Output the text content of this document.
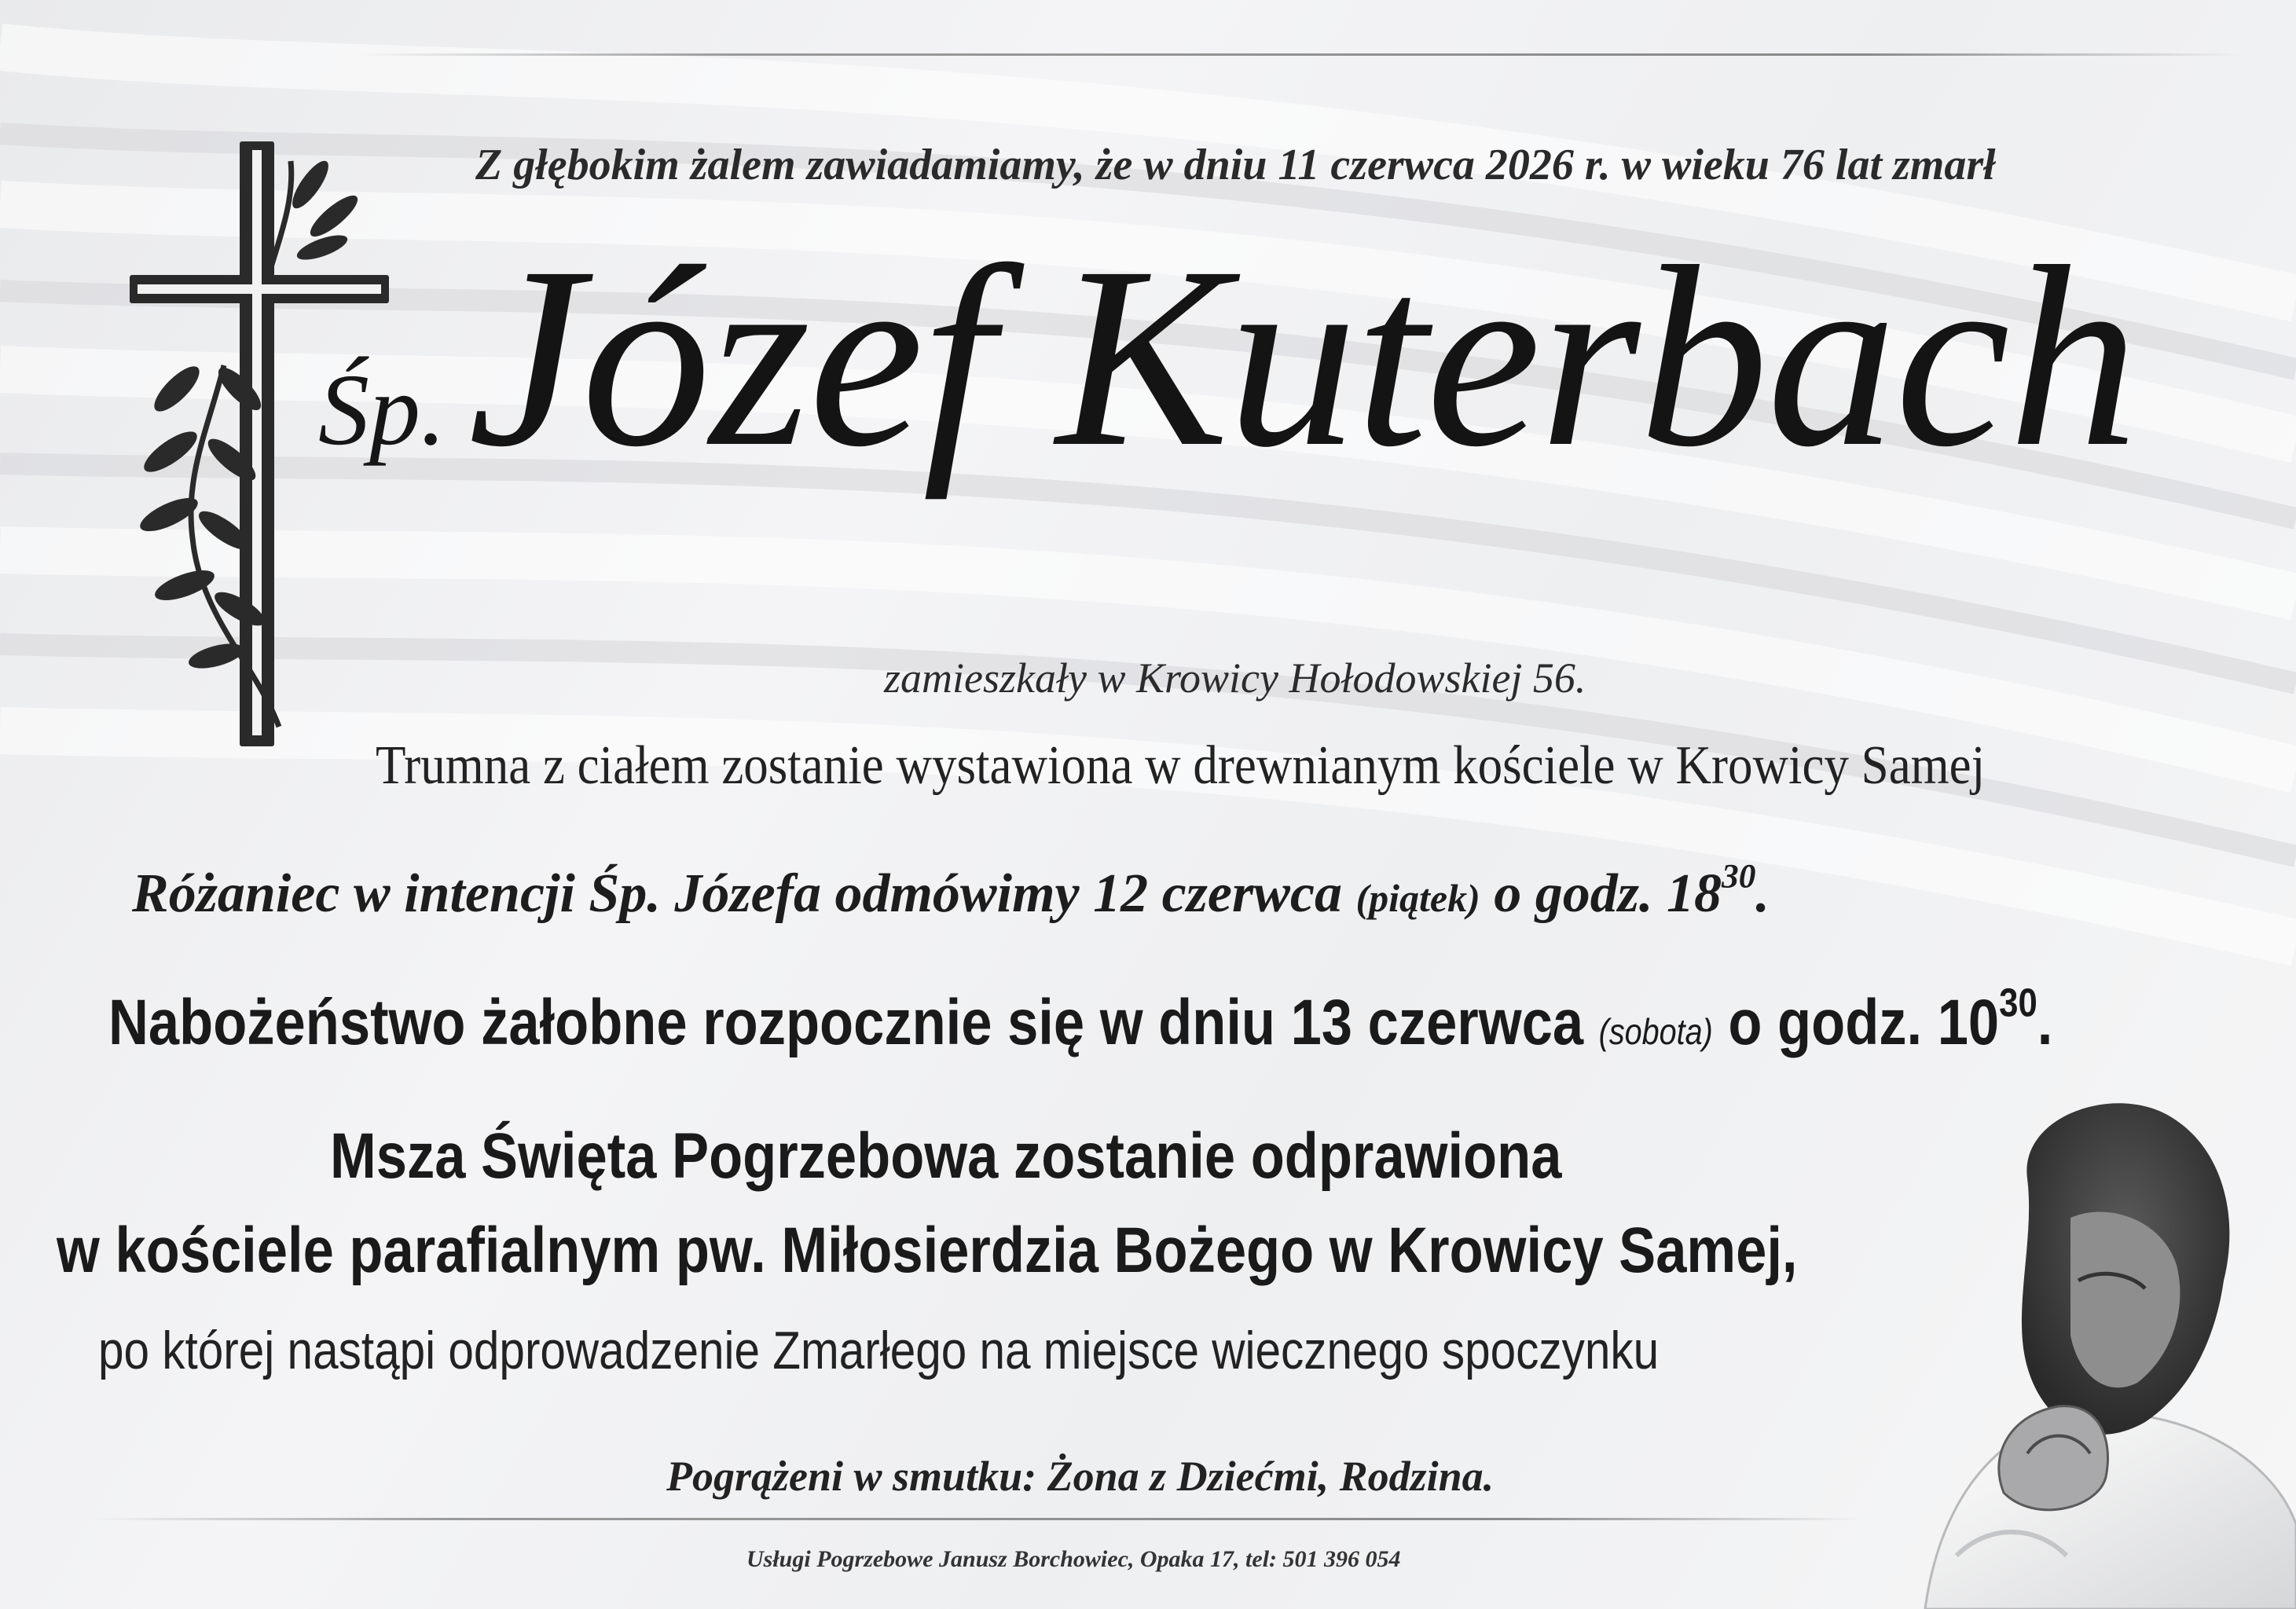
Z głębokim żalem zawiadamiamy, że w dniu 11 czerwca 2026 r. w wieku 76 lat zmarł
Śp.Józef Kuterbach
zamieszkały w Krowicy Hołodowskiej 56.
Trumna z ciałem zostanie wystawiona w drewnianym kościele w Krowicy Samej
Różaniec w intencji Śp. Józefa odmówimy 12 czerwca (piątek) o godz. $18^{30}$.
Nabożeństwo żałobne rozpocznie się w dniu 13 czerwca (sobota) o godz. $10^{30}$.
Msza Święta Pogrzebowa zostanie odprawiona
w kościele parafialnym pw. Miłosierdzia Bożego w Krowicy Samej,
po której nastąpi odprowadzenie Zmarłego na miejsce wiecznego spoczynku
Pogrążeni w smutku: Żona z Dziećmi, Rodzina.
Usługi Pogrzebowe Janusz Borchowiec, Opaka 17, tel: 501 396 054
